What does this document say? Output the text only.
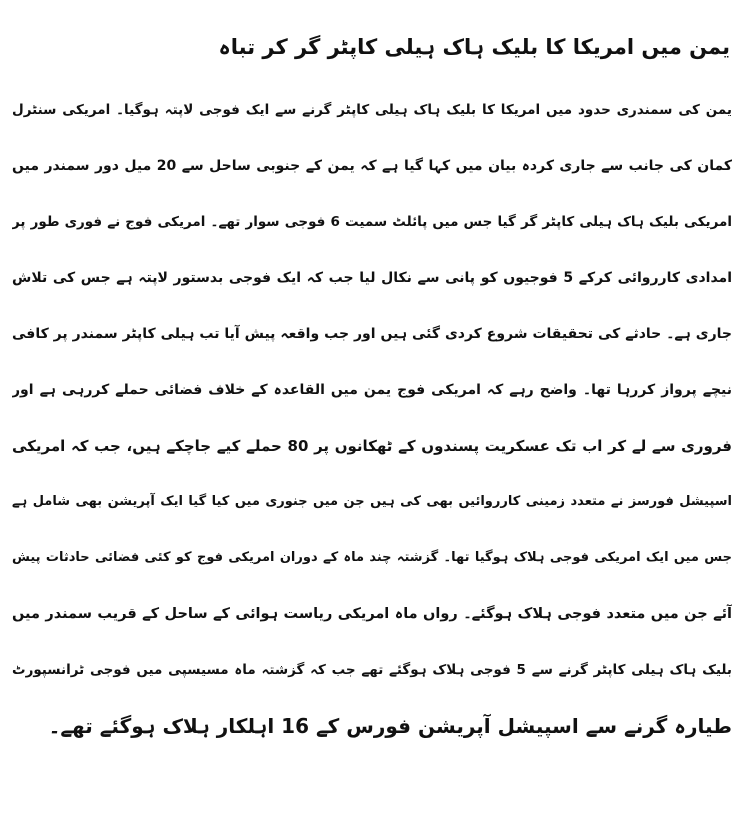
یمن میں امریکا کا بلیک ہاک ہیلی کاپٹر گر کر تباہ
یمن کی سمندری حدود میں امریکا کا بلیک ہاک ہیلی کاپٹر گرنے سے ایک فوجی لاپتہ ہوگیا۔ امریکی سنٹرل
کمان کی جانب سے جاری کردہ بیان میں کہا گیا ہے کہ یمن کے جنوبی ساحل سے 20 میل دور سمندر میں
امریکی بلیک ہاک ہیلی کاپٹر گر گیا جس میں پائلٹ سمیت 6 فوجی سوار تھے۔ امریکی فوج نے فوری طور پر
امدادی کارروائی کرکے 5 فوجیوں کو پانی سے نکال لیا جب کہ ایک فوجی بدستور لاپتہ ہے جس کی تلاش
جاری ہے۔ حادثے کی تحقیقات شروع کردی گئی ہیں اور جب واقعہ پیش آیا تب ہیلی کاپٹر سمندر پر کافی
نیچے پرواز کررہا تھا۔ واضح رہے کہ امریکی فوج یمن میں القاعدہ کے خلاف فضائی حملے کررہی ہے اور
فروری سے لے کر اب تک عسکریت پسندوں کے ٹھکانوں پر 80 حملے کیے جاچکے ہیں، جب کہ امریکی
اسپیشل فورسز نے متعدد زمینی کارروائیں بھی کی ہیں جن میں جنوری میں کیا گیا ایک آپریشن بھی شامل ہے
جس میں ایک امریکی فوجی ہلاک ہوگیا تھا۔ گزشتہ چند ماہ کے دوران امریکی فوج کو کئی فضائی حادثات پیش
آئے جن میں متعدد فوجی ہلاک ہوگئے۔ رواں ماہ امریکی ریاست ہوائی کے ساحل کے قریب سمندر میں
بلیک ہاک ہیلی کاپٹر گرنے سے 5 فوجی ہلاک ہوگئے تھے جب کہ گزشتہ ماہ مسیسپی میں فوجی ٹرانسپورٹ
طیارہ گرنے سے اسپیشل آپریشن فورس کے 16 اہلکار ہلاک ہوگئے تھے۔
